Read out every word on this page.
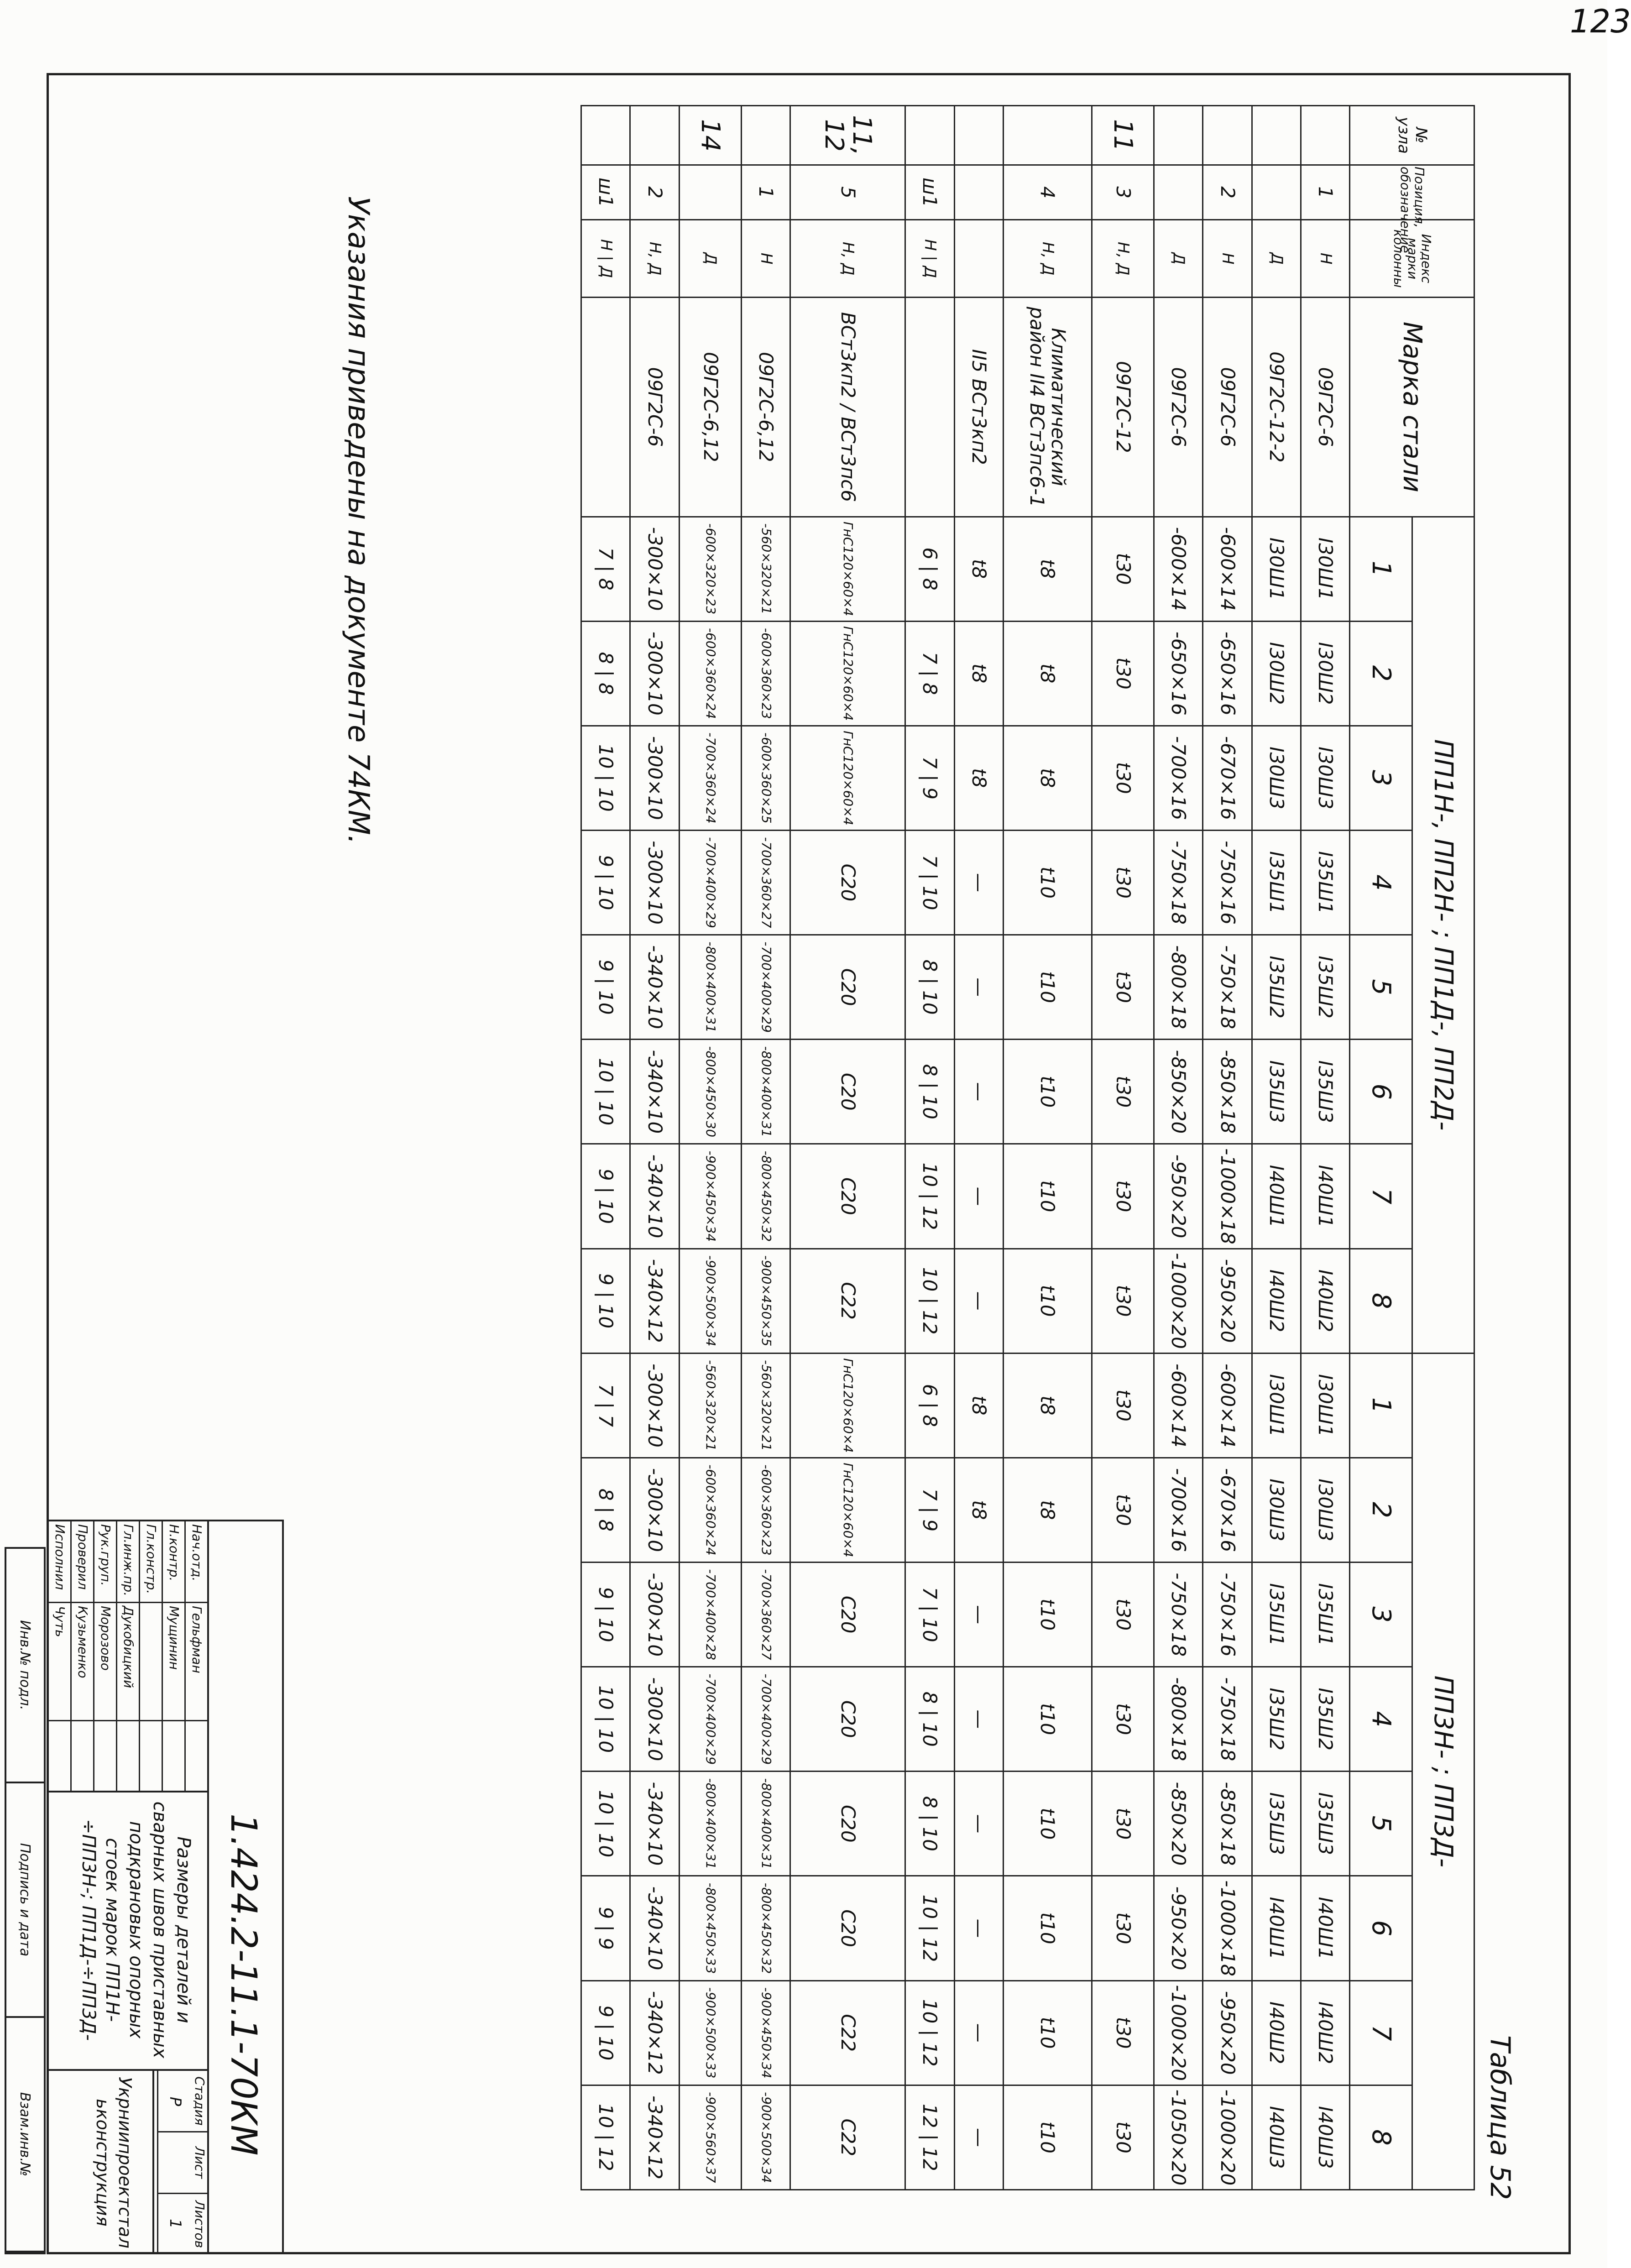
123
Таблица 52
№ узла	Позиция, обозначение	Индекс марки колонны	Марка стали	ПП1Н-, ПП2Н- ; ПП1Д-, ПП2Д-								ПП3Н- ; ПП3Д-							
				1	2	3	4	5	6	7	8	1	2	3	4	5	6	7	8
	1	Н	09Г2С-6	I30Ш1	I30Ш2	I30Ш3	I35Ш1	I35Ш2	I35Ш3	I40Ш1	I40Ш2	I30Ш1	I30Ш3	I35Ш1	I35Ш2	I35Ш3	I40Ш1	I40Ш2	I40Ш3
		Д	09Г2С-12-2	I30Ш1	I30Ш2	I30Ш3	I35Ш1	I35Ш2	I35Ш3	I40Ш1	I40Ш2	I30Ш1	I30Ш3	I35Ш1	I35Ш2	I35Ш3	I40Ш1	I40Ш2	I40Ш3
	2	Н	09Г2С-6	-600×14	-650×16	-670×16	-750×16	-750×18	-850×18	-1000×18	-950×20	-600×14	-670×16	-750×16	-750×18	-850×18	-1000×18	-950×20	-1000×20
		Д	09Г2С-6	-600×14	-650×16	-700×16	-750×18	-800×18	-850×20	-950×20	-1000×20	-600×14	-700×16	-750×18	-800×18	-850×20	-950×20	-1000×20	-1050×20
11	3	Н, Д	09Г2С-12	t30	t30	t30	t30	t30	t30	t30	t30	t30	t30	t30	t30	t30	t30	t30	t30
	4	Н, Д	Климатический район II4 ВСт3пс6-1	t8	t8	t8	t10	t10	t10	t10	t10	t8	t8	t10	t10	t10	t10	t10	t10
			II5 ВСт3кп2	t8	t8	t8	—	—	—	—	—	t8	t8	—	—	—	—	—	—
	ш1	Н | Д		6 | 8	7 | 8	7 | 9	7 | 10	8 | 10	8 | 10	10 | 12	10 | 12	6 | 8	7 | 9	7 | 10	8 | 10	8 | 10	10 | 12	10 | 12	12 | 12
11, 12	5	Н, Д	ВСт3кп2 / ВСт3пс6	ГнС120×60×4	ГнС120×60×4	ГнС120×60×4	С20	С20	С20	С20	С22	ГнС120×60×4	ГнС120×60×4	С20	С20	С20	С20	С22	С22
	1	Н	09Г2С-6,12	-560×320×21	-600×360×23	-600×360×25	-700×360×27	-700×400×29	-800×400×31	-800×450×32	-900×450×35	-560×320×21	-600×360×23	-700×360×27	-700×400×29	-800×400×31	-800×450×32	-900×450×34	-900×500×34
14		Д	09Г2С-6,12	-600×320×23	-600×360×24	-700×360×24	-700×400×29	-800×400×31	-800×450×30	-900×450×34	-900×500×34	-560×320×21	-600×360×24	-700×400×28	-700×400×29	-800×400×31	-800×450×33	-900×500×33	-900×560×37
	2	Н, Д	09Г2С-6	-300×10	-300×10	-300×10	-300×10	-340×10	-340×10	-340×10	-340×12	-300×10	-300×10	-300×10	-300×10	-340×10	-340×10	-340×12	-340×12
	ш1	Н | Д		7 | 8	8 | 8	10 | 10	9 | 10	9 | 10	10 | 10	9 | 10	9 | 10	7 | 7	8 | 8	9 | 10	10 | 10	10 | 10	9 | 9	9 | 10	10 | 12
Указания приведены на документе 74КМ.
1.424.2-11.1-70КМ
Нач.отд.
Гельфман
Н.контр.
Мущинин
Гл.констр.
Гл.инж.пр.
Дукобицкий
Рук.груп.
Морозово
Проверил
Кузьменко
Исполнил
Чуть
Размеры деталей и сварных швов приставных подкрановых опорных стоек марок ПП1Н-÷ПП3Н-; ПП1Д-÷ПП3Д-
Стадия
Лист
Листов
Р
1
Укрниипроектстальконструкция
Инв.№ подл.
Подпись и дата
Взам.инв.№
